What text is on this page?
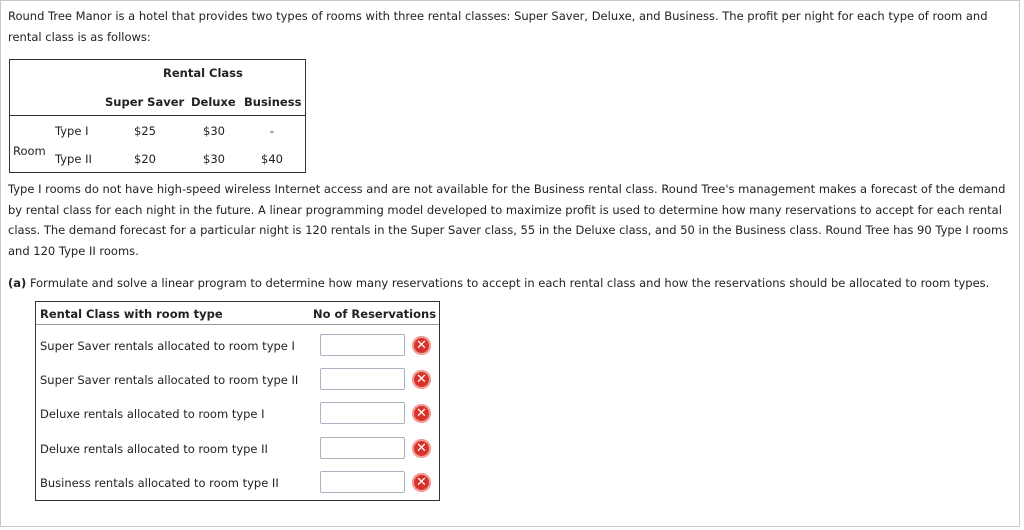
Round Tree Manor is a hotel that provides two types of rooms with three rental classes: Super Saver, Deluxe, and Business. The profit per night for each type of room and rental class is as follows:
Rental Class
Super Saver Deluxe Business
Room
Type I	$25	$30	-
Type II	$20	$30	$40
Type I rooms do not have high-speed wireless Internet access and are not available for the Business rental class. Round Tree's management makes a forecast of the demand by rental class for each night in the future. A linear programming model developed to maximize profit is used to determine how many reservations to accept for each rental class. The demand forecast for a particular night is 120 rentals in the Super Saver class, 55 in the Deluxe class, and 50 in the Business class. Round Tree has 90 Type I rooms and 120 Type II rooms.
(a) Formulate and solve a linear program to determine how many reservations to accept in each rental class and how the reservations should be allocated to room types.
Rental Class with room type	No of Reservations
Super Saver rentals allocated to room type I	✕
Super Saver rentals allocated to room type II	✕
Deluxe rentals allocated to room type I	✕
Deluxe rentals allocated to room type II	✕
Business rentals allocated to room type II	✕
